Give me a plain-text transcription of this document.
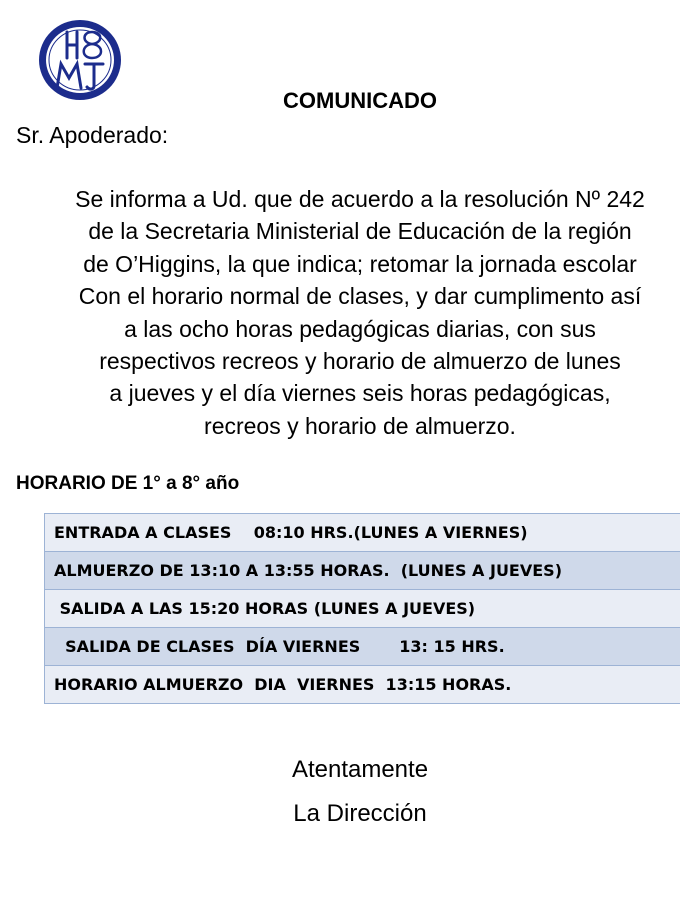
COMUNICADO
Sr. Apoderado:

Se informa a Ud. que de acuerdo a la resolución Nº 242
de la Secretaria Ministerial de Educación de la región
de O’Higgins, la que indica; retomar la jornada escolar
Con el horario normal de clases, y dar cumplimento así
a las ocho horas pedagógicas diarias, con sus
respectivos recreos y horario de almuerzo de lunes
a jueves y el día viernes seis horas pedagógicas,
recreos y horario de almuerzo.

HORARIO DE 1° a 8° año
ENTRADA A CLASES    08:10 HRS.(LUNES A VIERNES)
ALMUERZO DE 13:10 A 13:55 HORAS.  (LUNES A JUEVES)
SALIDA A LAS 15:20 HORAS (LUNES A JUEVES)
SALIDA DE CLASES  DÍA VIERNES       13: 15 HRS.
HORARIO ALMUERZO  DIA  VIERNES  13:15 HORAS.
Atentamente
La Dirección
